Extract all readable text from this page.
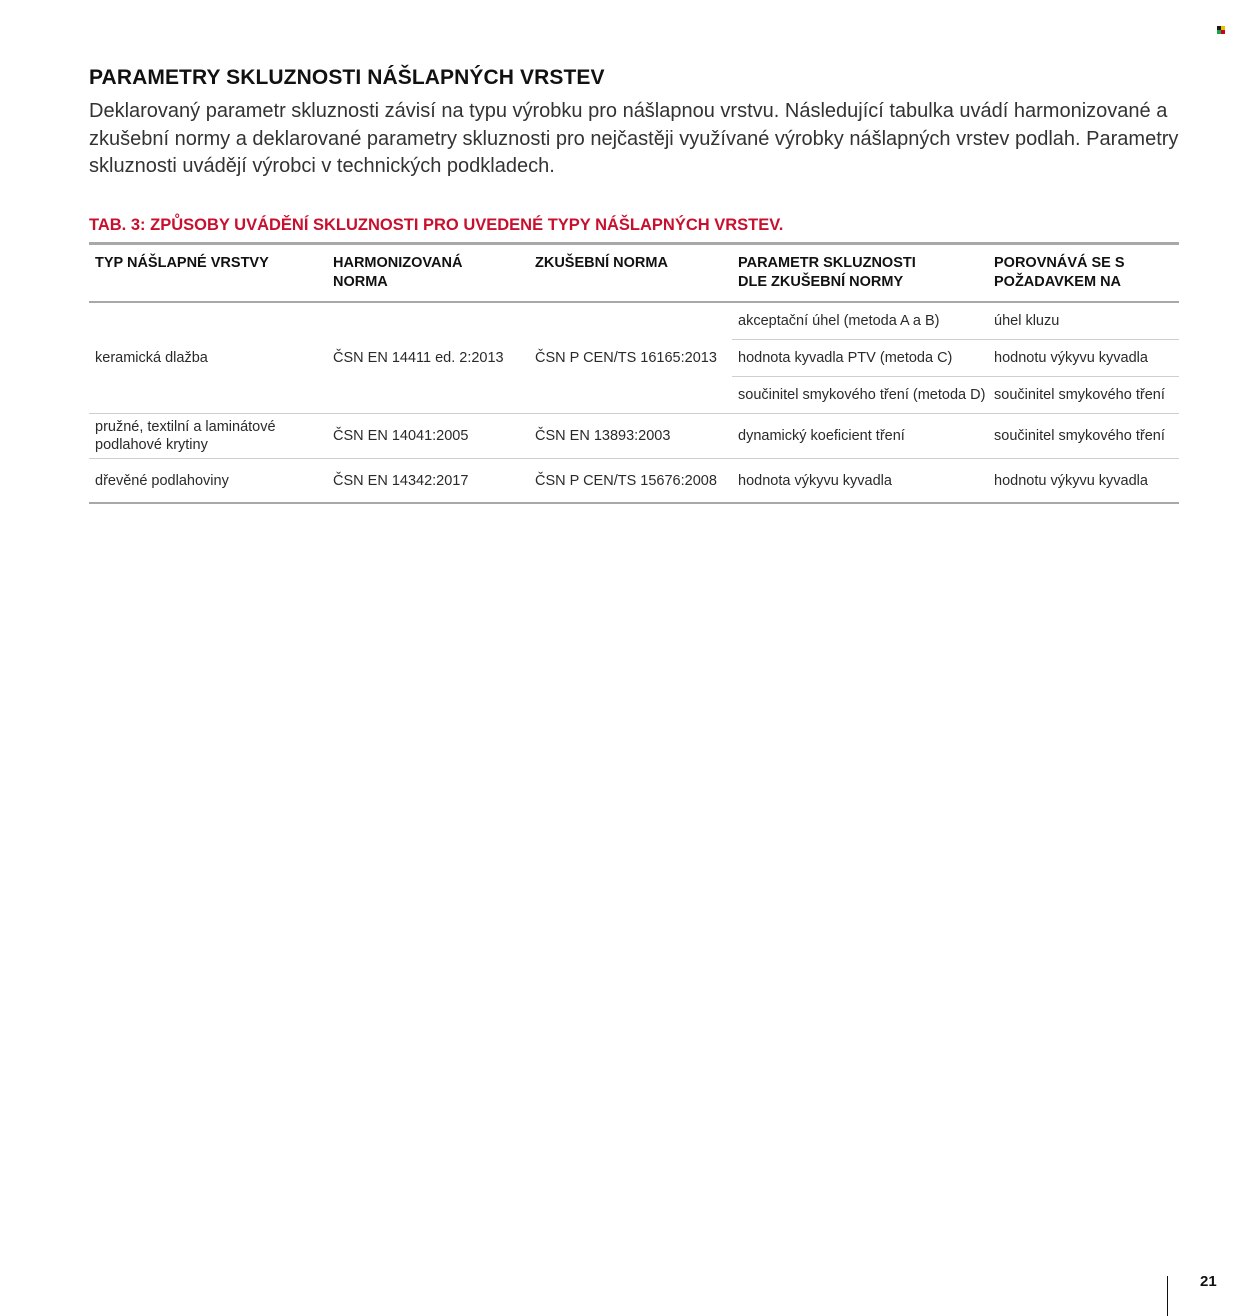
PARAMETRY SKLUZNOSTI NÁŠLAPNÝCH VRSTEV

Deklarovaný parametr skluznosti závisí na typu výrobku pro nášlapnou vrstvu. Následující tabulka uvádí harmonizované a zkušební normy a deklarované parametry skluznosti pro nejčastěji využívané výrobky nášlapných vrstev podlah. Parametry skluznosti uvádějí výrobci v technických podkladech.

TAB. 3: ZPŮSOBY UVÁDĚNÍ SKLUZNOSTI PRO UVEDENÉ TYPY NÁŠLAPNÝCH VRSTEV.

TYP NÁŠLAPNÉ VRSTVY	HARMONIZOVANÁ NORMA	ZKUŠEBNÍ NORMA	PARAMETR SKLUZNOSTI DLE ZKUŠEBNÍ NORMY	POROVNÁVÁ SE S POŽADAVKEM NA
keramická dlažba	ČSN EN 14411 ed. 2:2013	ČSN P CEN/TS 16165:2013	akceptační úhel (metoda A a B)	úhel kluzu
			hodnota kyvadla PTV (metoda C)	hodnotu výkyvu kyvadla
			součinitel smykového tření (metoda D)	součinitel smykového tření
pružné, textilní a laminátové podlahové krytiny	ČSN EN 14041:2005	ČSN EN 13893:2003	dynamický koeficient tření	součinitel smykového tření
dřevěné podlahoviny	ČSN EN 14342:2017	ČSN P CEN/TS 15676:2008	hodnota výkyvu kyvadla	hodnotu výkyvu kyvadla
21
